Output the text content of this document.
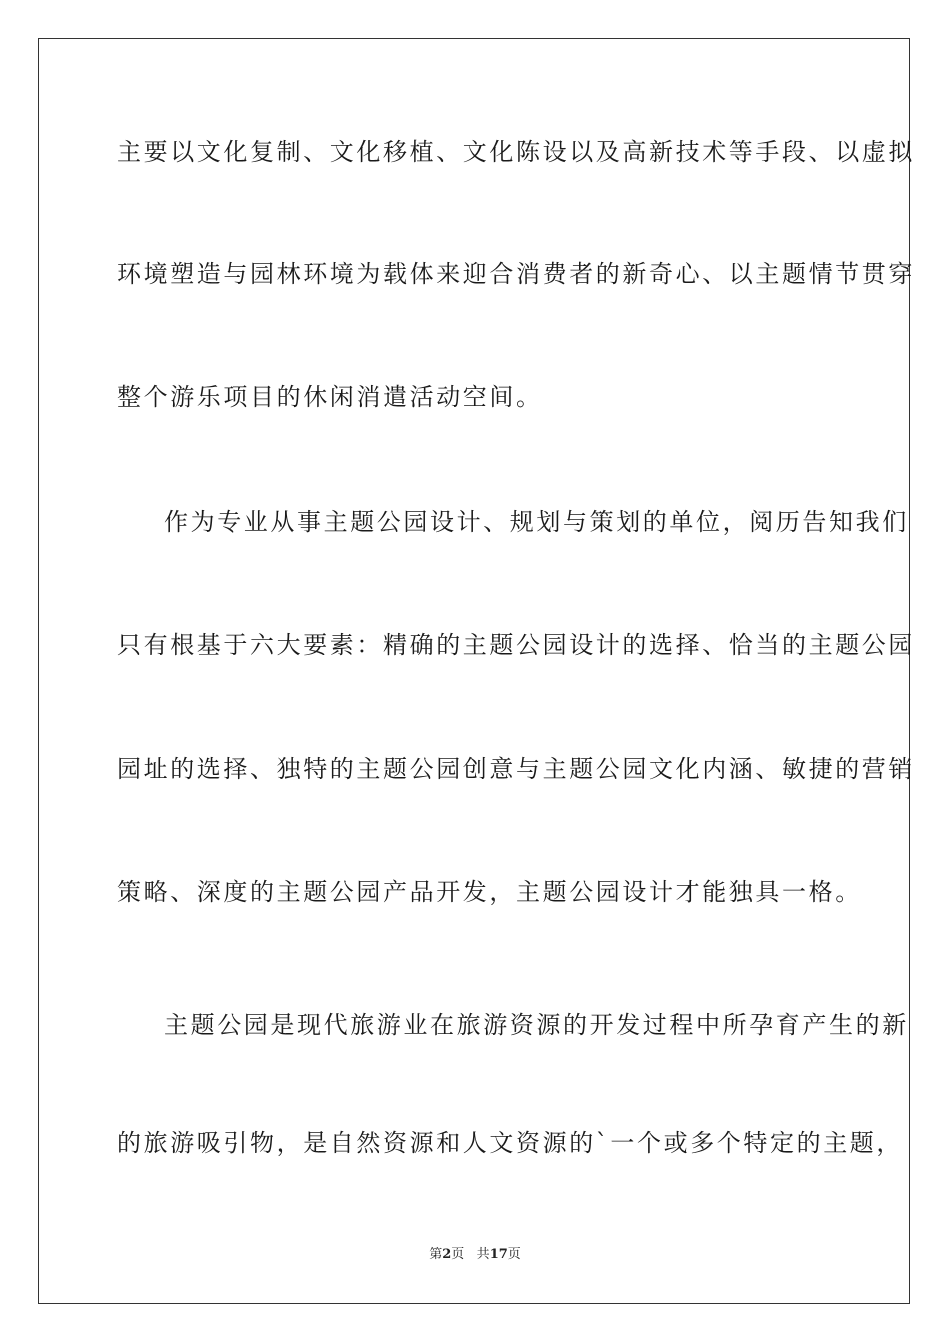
主要以文化复制、文化移植、文化陈设以及高新技术等手段、以虚拟
环境塑造与园林环境为载体来迎合消费者的新奇心、以主题情节贯穿
整个游乐项目的休闲消遣活动空间。
作为专业从事主题公园设计、规划与策划的单位，阅历告知我们
只有根基于六大要素：精确的主题公园设计的选择、恰当的主题公园
园址的选择、独特的主题公园创意与主题公园文化内涵、敏捷的营销
策略、深度的主题公园产品开发，主题公园设计才能独具一格。
主题公园是现代旅游业在旅游资源的开发过程中所孕育产生的新
的旅游吸引物，是自然资源和人文资源的`一个或多个特定的主题，
第2页 共17页
